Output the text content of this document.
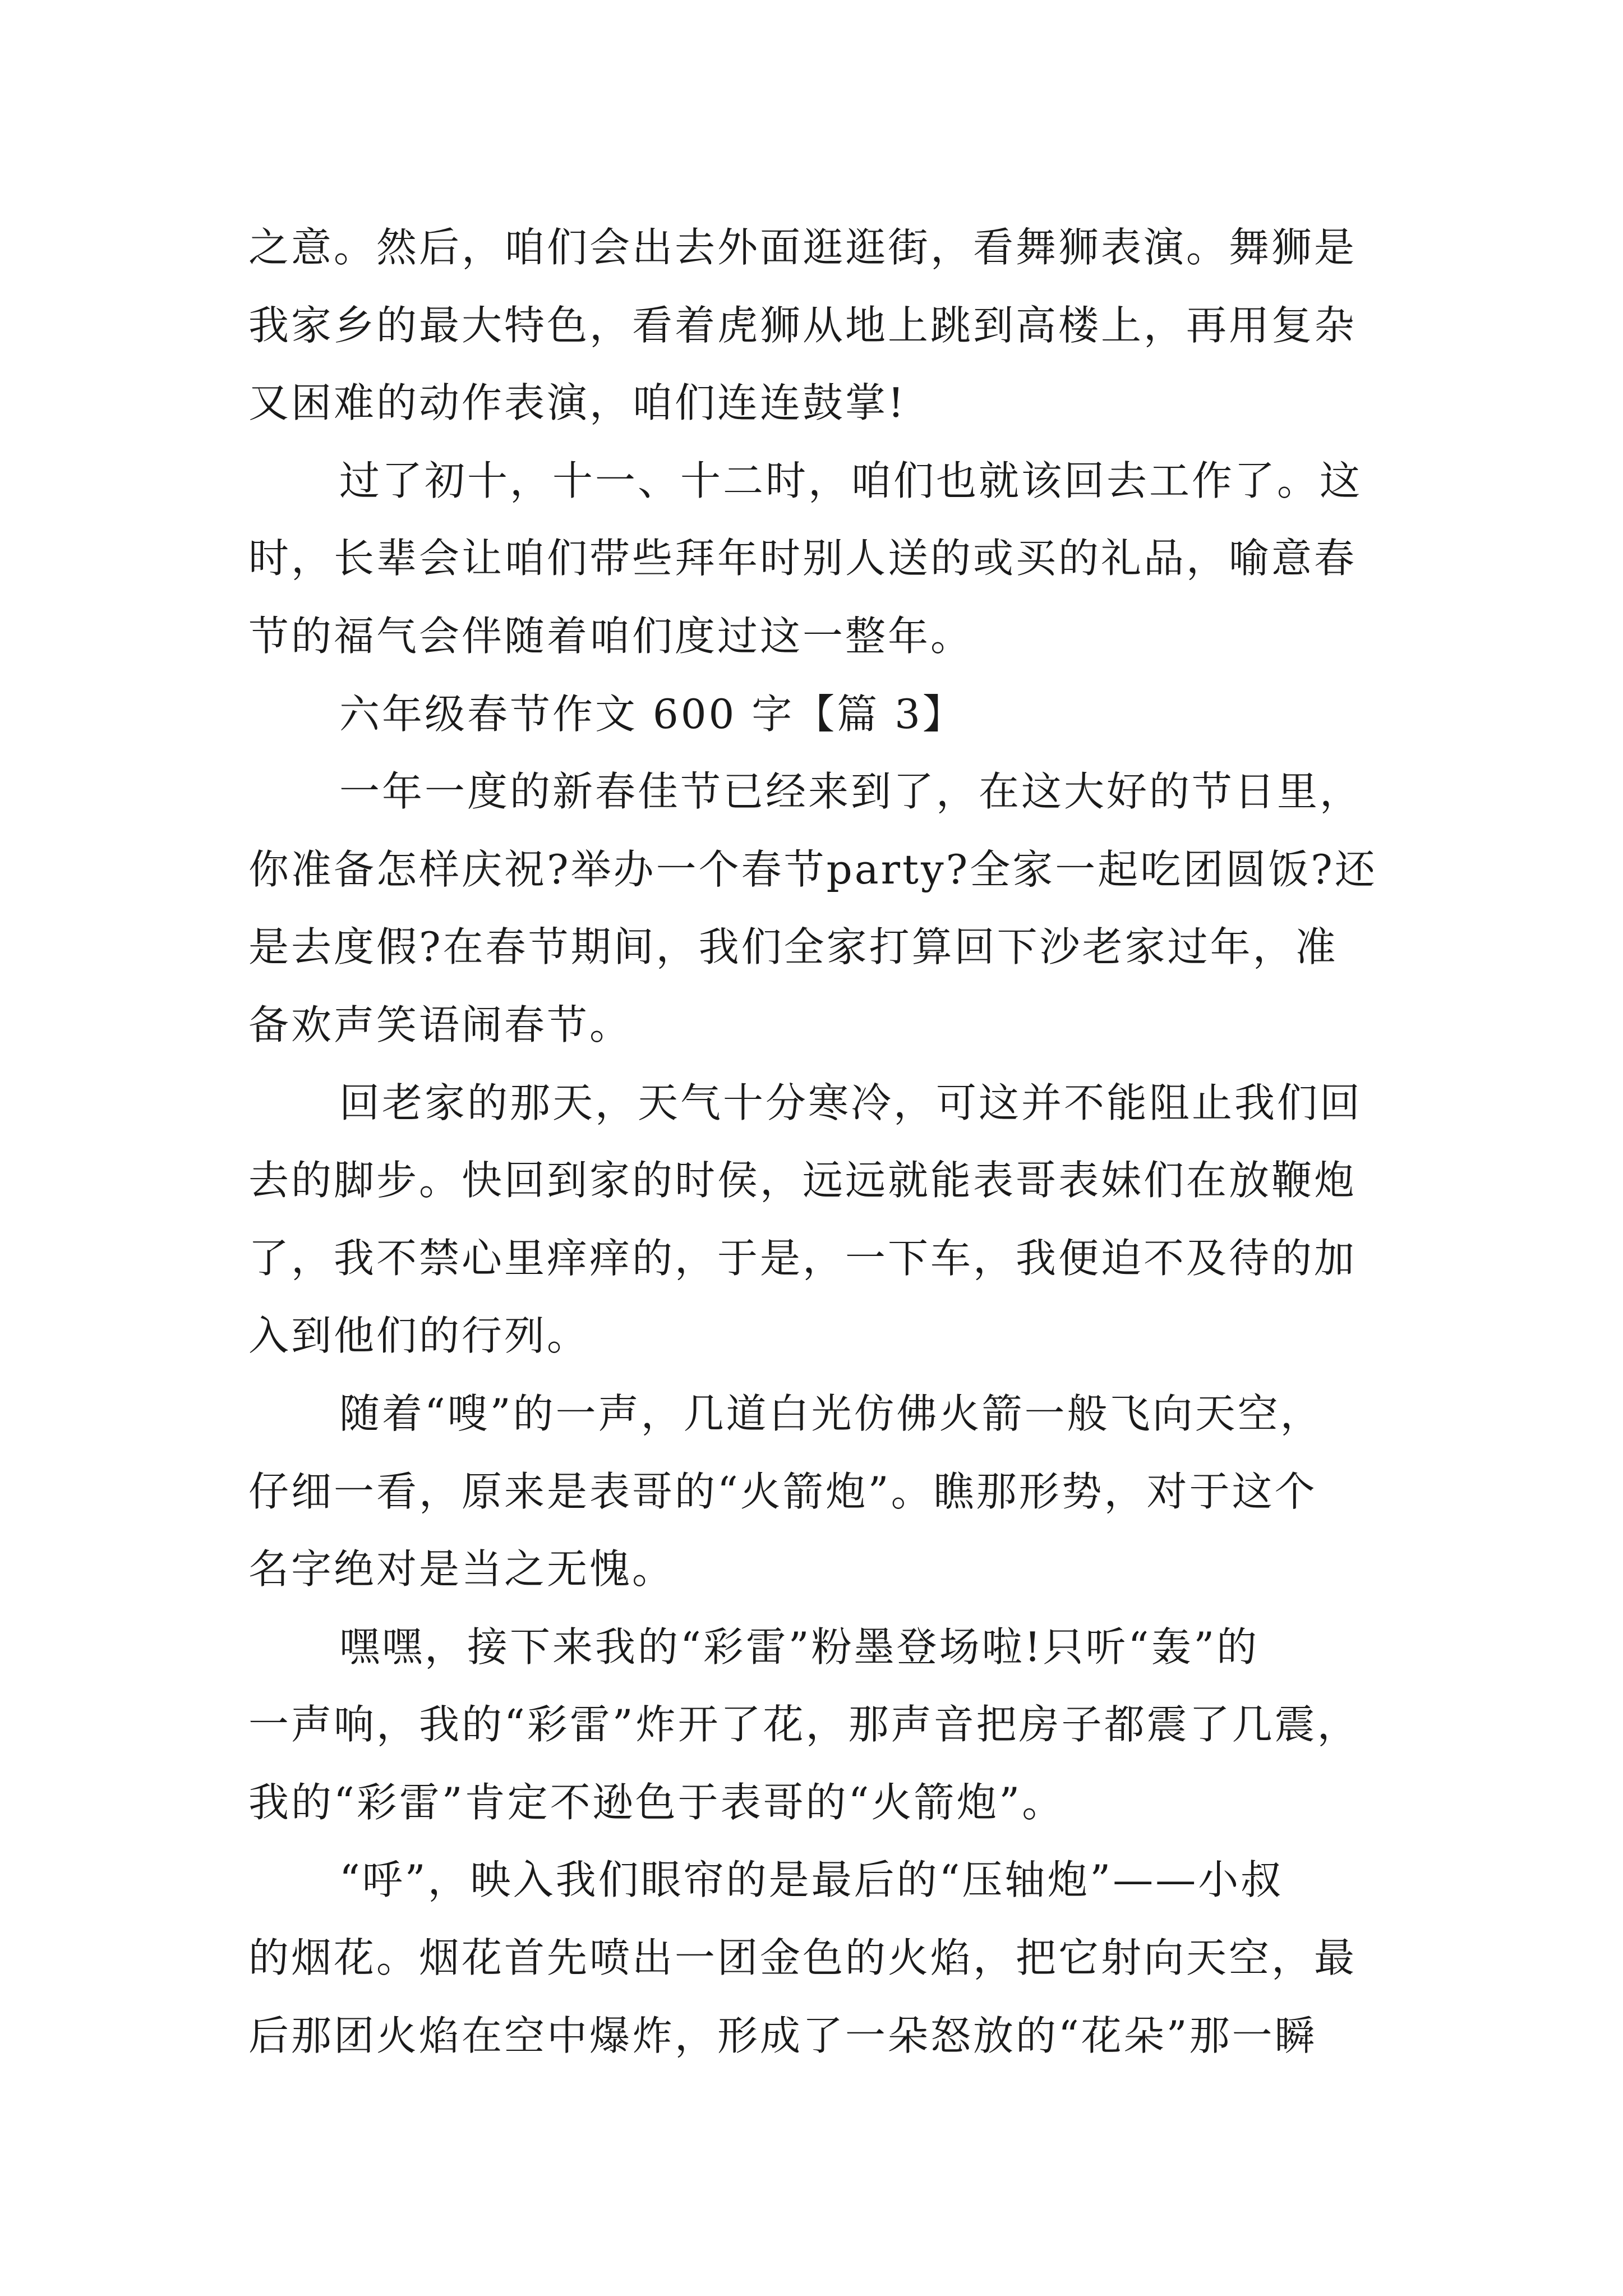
之意。然后，咱们会出去外面逛逛街，看舞狮表演。舞狮是
我家乡的最大特色，看着虎狮从地上跳到高楼上，再用复杂
又困难的动作表演，咱们连连鼓掌!
过了初十，十一、十二时，咱们也就该回去工作了。这
时，长辈会让咱们带些拜年时别人送的或买的礼品，喻意春
节的福气会伴随着咱们度过这一整年。
六年级春节作文 600 字【篇 3】
一年一度的新春佳节已经来到了，在这大好的节日里，
你准备怎样庆祝?举办一个春节party?全家一起吃团圆饭?还
是去度假?在春节期间，我们全家打算回下沙老家过年，准
备欢声笑语闹春节。
回老家的那天，天气十分寒冷，可这并不能阻止我们回
去的脚步。快回到家的时侯，远远就能表哥表妹们在放鞭炮
了，我不禁心里痒痒的，于是，一下车，我便迫不及待的加
入到他们的行列。
随着“嗖”的一声，几道白光仿佛火箭一般飞向天空，
仔细一看，原来是表哥的“火箭炮”。瞧那形势，对于这个
名字绝对是当之无愧。
嘿嘿，接下来我的“彩雷”粉墨登场啦!只听“轰”的
一声响，我的“彩雷”炸开了花，那声音把房子都震了几震，
我的“彩雷”肯定不逊色于表哥的“火箭炮”。
“呼”，映入我们眼帘的是最后的“压轴炮”——小叔
的烟花。烟花首先喷出一团金色的火焰，把它射向天空，最
后那团火焰在空中爆炸，形成了一朵怒放的“花朵”那一瞬
